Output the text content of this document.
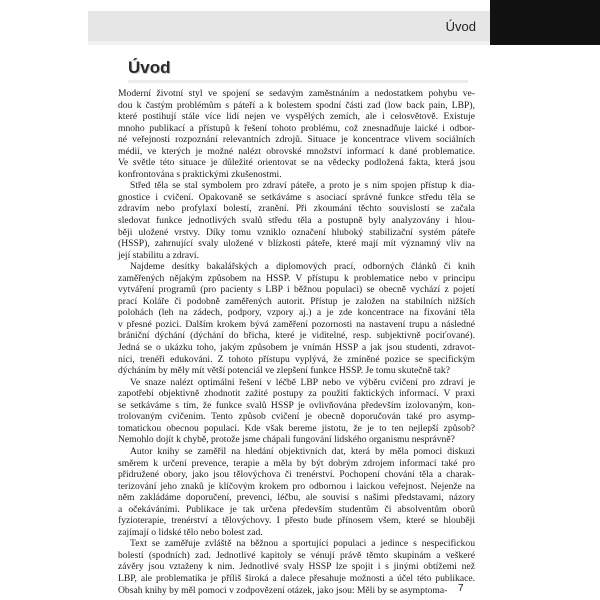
Úvod
Úvod

Moderní životní styl ve spojení se sedavým zaměstnáním a nedostatkem pohybu ve-
dou k častým problémům s páteří a k bolestem spodní části zad (low back pain, LBP),
které postihují stále více lidí nejen ve vyspělých zemích, ale i celosvětově. Existuje
mnoho publikací a přístupů k řešení tohoto problému, což znesnadňuje laické i odbor-
né veřejnosti rozpoznání relevantních zdrojů. Situace je koncentrace vlivem sociálních
médií, ve kterých je možné nalézt obrovské množství informací k dané problematice.
Ve světle této situace je důležité orientovat se na vědecky podložená fakta, která jsou
konfrontována s praktickými zkušenostmi.

Střed těla se stal symbolem pro zdraví páteře, a proto je s ním spojen přístup k dia-
gnostice i cvičení. Opakovaně se setkáváme s asociací správné funkce středu těla se
zdravím nebo profylaxí bolestí, zranění. Při zkoumání těchto souvislostí se začala
sledovat funkce jednotlivých svalů středu těla a postupně byly analyzovány i hlou-
běji uložené vrstvy. Díky tomu vzniklo označení hluboký stabilizační systém páteře
(HSSP), zahrnující svaly uložené v blízkosti páteře, které mají mít významný vliv na
její stabilitu a zdraví.

Najdeme desítky bakalářských a diplomových prací, odborných článků či knih
zaměřených nějakým způsobem na HSSP. V přístupu k problematice nebo v principu
vytváření programů (pro pacienty s LBP i běžnou populaci) se obecně vychází z pojetí
prací Koláře či podobně zaměřených autorit. Přístup je založen na stabilních nižších
polohách (leh na zádech, podpory, vzpory aj.) a je zde koncentrace na fixování těla
v přesné pozici. Dalším krokem bývá zaměření pozornosti na nastavení trupu a následné
brániční dýchání (dýchání do břicha, které je viditelné, resp. subjektivně pociťované).
Jedná se o ukázku toho, jakým způsobem je vnímán HSSP a jak jsou studenti, zdravot-
níci, trenéři edukováni. Z tohoto přístupu vyplývá, že zmíněné pozice se specifickým
dýcháním by měly mít větší potenciál ve zlepšení funkce HSSP. Je tomu skutečně tak?

Ve snaze nalézt optimální řešení v léčbě LBP nebo ve výběru cvičení pro zdraví je
zapotřebí objektivně zhodnotit zažité postupy za použití faktických informací. V praxi
se setkáváme s tím, že funkce svalů HSSP je ovlivňována především izolovaným, kon-
trolovaným cvičením. Tento způsob cvičení je obecně doporučován také pro asymp-
tomatickou obecnou populaci. Kde však bereme jistotu, že je to ten nejlepší způsob?
Nemohlo dojít k chybě, protože jsme chápali fungování lidského organismu nesprávně?

Autor knihy se zaměřil na hledání objektivních dat, která by měla pomoci diskuzi
směrem k určení prevence, terapie a měla by být dobrým zdrojem informací také pro
přidružené obory, jako jsou tělovýchova či trenérství. Pochopení chování těla a charak-
terizování jeho znaků je klíčovým krokem pro odbornou i laickou veřejnost. Nejenže na
něm zakládáme doporučení, prevenci, léčbu, ale souvisí s našimi představami, názory
a očekáváními. Publikace je tak určena především studentům či absolventům oborů
fyzioterapie, trenérství a tělovýchovy. I přesto bude přínosem všem, které se hlouběji
zajímají o lidské tělo nebo bolest zad.

Text se zaměřuje zvláště na běžnou a sportující populaci a jedince s nespecifickou
bolestí (spodních) zad. Jednotlivé kapitoly se vénují právě těmto skupinám a veškeré
závěry jsou vztaženy k nim. Jednotlivé svaly HSSP lze spojit i s jinými obtížemi než
LBP, ale problematika je příliš široká a dalece přesahuje možnosti a účel této publikace.
Obsah knihy by měl pomoci v zodpovězení otázek, jako jsou: Měli by se asymptoma-	7
